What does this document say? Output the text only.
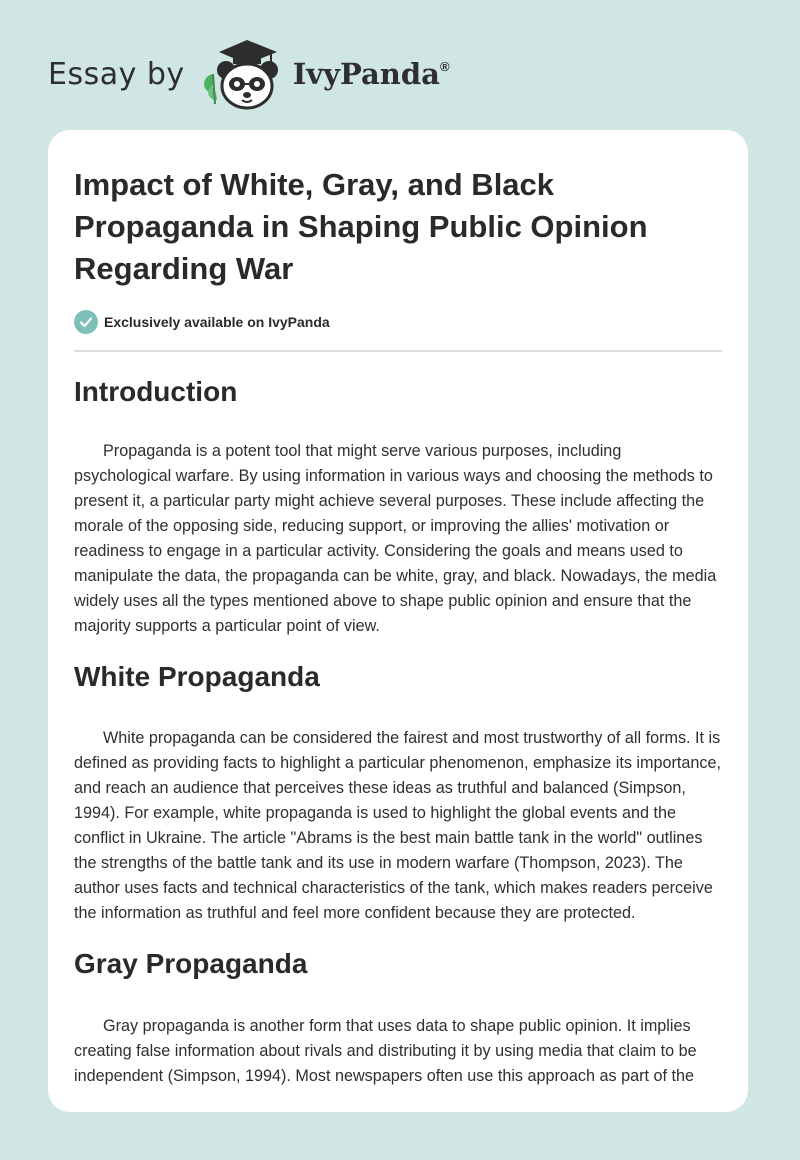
Essay by	IvyPanda®
Impact of White, Gray, and Black Propaganda in Shaping Public Opinion Regarding War
Exclusively available on IvyPanda
Introduction

Propaganda is a potent tool that might serve various purposes, including psychological warfare. By using information in various ways and choosing the methods to present it, a particular party might achieve several purposes. These include affecting the morale of the opposing side, reducing support, or improving the allies' motivation or readiness to engage in a particular activity. Considering the goals and means used to manipulate the data, the propaganda can be white, gray, and black. Nowadays, the media widely uses all the types mentioned above to shape public opinion and ensure that the majority supports a particular point of view.

White Propaganda

White propaganda can be considered the fairest and most trustworthy of all forms. It is defined as providing facts to highlight a particular phenomenon, emphasize its importance, and reach an audience that perceives these ideas as truthful and balanced (Simpson, 1994). For example, white propaganda is used to highlight the global events and the conflict in Ukraine. The article "Abrams is the best main battle tank in the world" outlines the strengths of the battle tank and its use in modern warfare (Thompson, 2023). The author uses facts and technical characteristics of the tank, which makes readers perceive the information as truthful and feel more confident because they are protected.

Gray Propaganda

Gray propaganda is another form that uses data to shape public opinion. It implies creating false information about rivals and distributing it by using media that claim to be independent (Simpson, 1994). Most newspapers often use this approach as part of the
